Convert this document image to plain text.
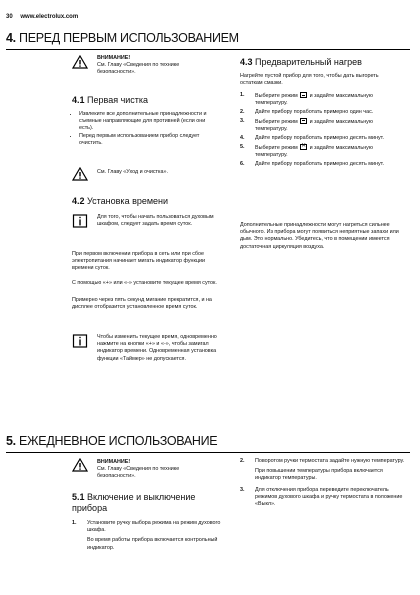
30 www.electrolux.com
4. ПЕРЕД ПЕРВЫМ ИСПОЛЬЗОВАНИЕМ
ВНИМАНИЕ!
См. Главу «Сведения по технике безопасности».
4.1 Первая чистка
• Извлеките все дополнительные принадлежности и съемные направляющие для противней (если они есть).
• Перед первым использованием прибор следует очистить.
См. Главу «Уход и очистка».
4.2 Установка времени
Для того, чтобы начать пользоваться духовым шкафом, следует задать время суток.
При первом включении прибора в сеть или при сбое электропитания начинает мигать индикатор функции времени суток.
С помощью «+» или «-» установите текущее время суток.
Примерно через пять секунд мигание прекратится, и на дисплее отобразится установленное время суток.
Чтобы изменить текущее время, одновременно нажмите на кнопки «+» и «-», чтобы замигал индикатор времени. Одновременная установка функции «Таймер» не допускается.
4.3 Предварительный нагрев
Нагрейте пустой прибор для того, чтобы дать выгореть остаткам смазки.
1.	Выберите режим и задайте максимальную температуру.
2.	Дайте прибору поработать примерно один час.
3.	Выберите режим и задайте максимальную температуру.
4.	Дайте прибору поработать примерно десять минут.
5.	Выберите режим ✕ и задайте максимальную температуру.
6.	Дайте прибору поработать примерно десять минут.
Дополнительные принадлежности могут нагреться сильнее обычного. Из прибора могут появиться неприятные запахи или дым. Это нормально. Убедитесь, что в помещении имеется достаточная циркуляция воздуха.
5. ЕЖЕДНЕВНОЕ ИСПОЛЬЗОВАНИЕ
ВНИМАНИЕ!
См. Главу «Сведения по технике безопасности».
5.1 Включение и выключение прибора
1.	Установите ручку выбора режима на режим духового шкафа.

Во время работы прибора включается контрольный индикатор.
2.	Поворотом ручки термостата задайте нужную температуру.

При повышении температуры прибора включается индикатор температуры.
3.	Для отключения прибора переведите переключатель режимов духового шкафа и ручку термостата в положение «Выкл».
